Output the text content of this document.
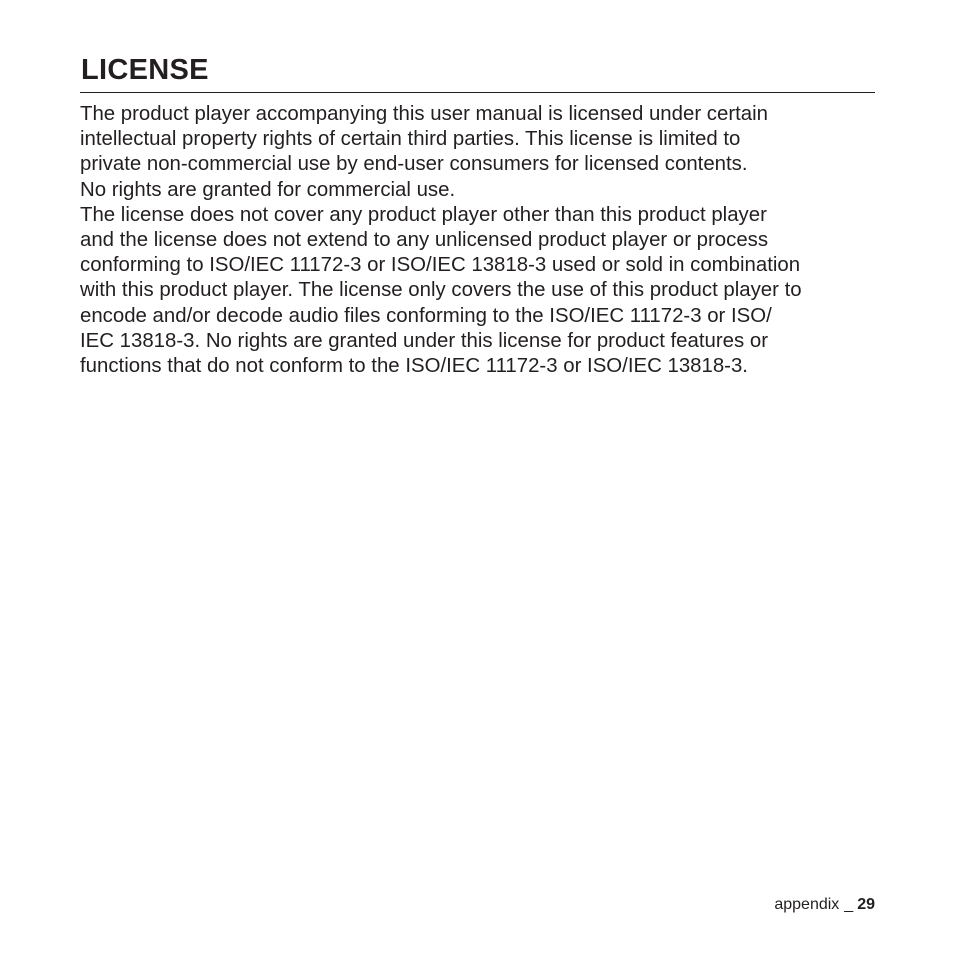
LICENSE
The product player accompanying this user manual is licensed under certain
intellectual property rights of certain third parties. This license is limited to
private non-commercial use by end-user consumers for licensed contents.
No rights are granted for commercial use.
The license does not cover any product player other than this product player
and the license does not extend to any unlicensed product player or process
conforming to ISO/IEC 11172-3 or ISO/IEC 13818-3 used or sold in combination
with this product player. The license only covers the use of this product player to
encode and/or decode audio files conforming to the ISO/IEC 11172-3 or ISO/
IEC 13818-3. No rights are granted under this license for product features or
functions that do not conform to the ISO/IEC 11172-3 or ISO/IEC 13818-3.
appendix _ 29
